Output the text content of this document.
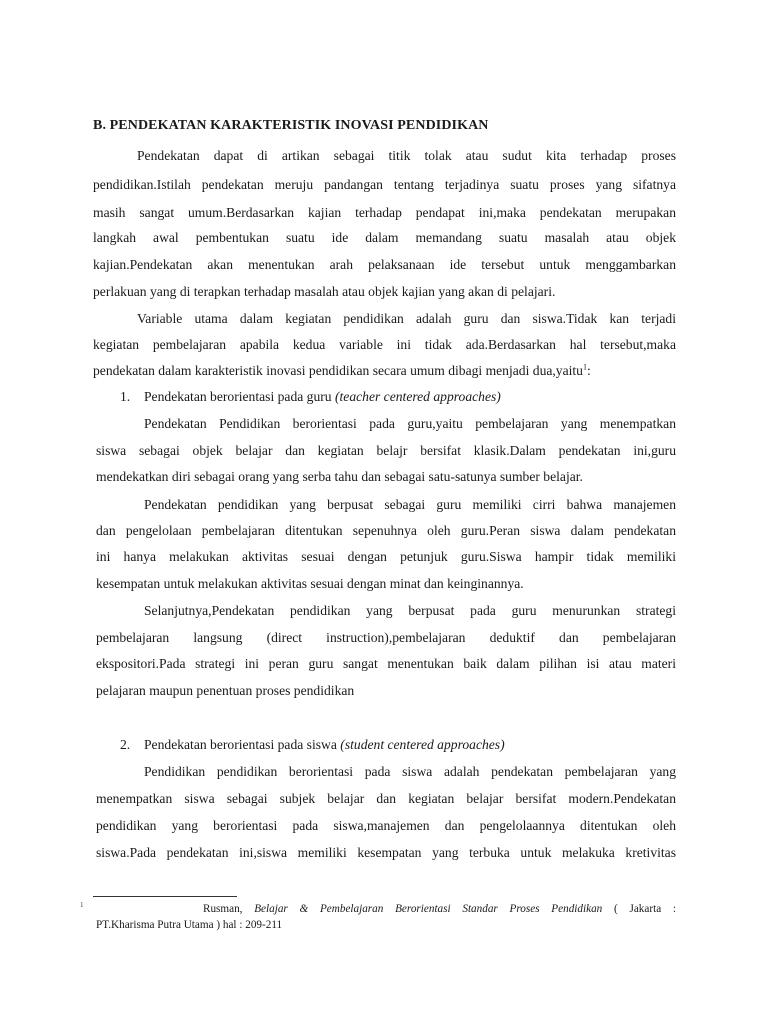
B. PENDEKATAN KARAKTERISTIK INOVASI PENDIDIKAN
Pendekatan dapat di artikan sebagai titik tolak atau sudut kita terhadap proses
pendidikan.Istilah pendekatan meruju pandangan tentang terjadinya suatu proses yang sifatnya
masih sangat umum.Berdasarkan kajian terhadap pendapat ini,maka pendekatan merupakan
langkah awal pembentukan suatu ide dalam memandang suatu masalah atau objek
kajian.Pendekatan akan menentukan arah pelaksanaan ide tersebut untuk menggambarkan
perlakuan yang di terapkan terhadap masalah atau objek kajian yang akan di pelajari.
Variable utama dalam kegiatan pendidikan adalah guru dan siswa.Tidak kan terjadi
kegiatan pembelajaran apabila kedua variable ini tidak ada.Berdasarkan hal tersebut,maka
pendekatan dalam karakteristik inovasi pendidikan secara umum dibagi menjadi dua,yaitu$^1$:
1. Pendekatan berorientasi pada guru (teacher centered approaches)
Pendekatan Pendidikan berorientasi pada guru,yaitu pembelajaran yang menempatkan
siswa sebagai objek belajar dan kegiatan belajr bersifat klasik.Dalam pendekatan ini,guru
mendekatkan diri sebagai orang yang serba tahu dan sebagai satu-satunya sumber belajar.
Pendekatan pendidikan yang berpusat sebagai guru memiliki cirri bahwa manajemen
dan pengelolaan pembelajaran ditentukan sepenuhnya oleh guru.Peran siswa dalam pendekatan
ini hanya melakukan aktivitas sesuai dengan petunjuk guru.Siswa hampir tidak memiliki
kesempatan untuk melakukan aktivitas sesuai dengan minat dan keinginannya.
Selanjutnya,Pendekatan pendidikan yang berpusat pada guru menurunkan strategi
pembelajaran langsung (direct instruction),pembelajaran deduktif dan pembelajaran
ekspositori.Pada strategi ini peran guru sangat menentukan baik dalam pilihan isi atau materi
pelajaran maupun penentuan proses pendidikan
2. Pendekatan berorientasi pada siswa (student centered approaches)
Pendidikan pendidikan berorientasi pada siswa adalah pendekatan pembelajaran yang
menempatkan siswa sebagai subjek belajar dan kegiatan belajar bersifat modern.Pendekatan
pendidikan yang berorientasi pada siswa,manajemen dan pengelolaannya ditentukan oleh
siswa.Pada pendekatan ini,siswa memiliki kesempatan yang terbuka untuk melakuka kretivitas
1	Rusman, Belajar & Pembelajaran Berorientasi Standar Proses Pendidikan ( Jakarta :
PT.Kharisma Putra Utama ) hal : 209-211
